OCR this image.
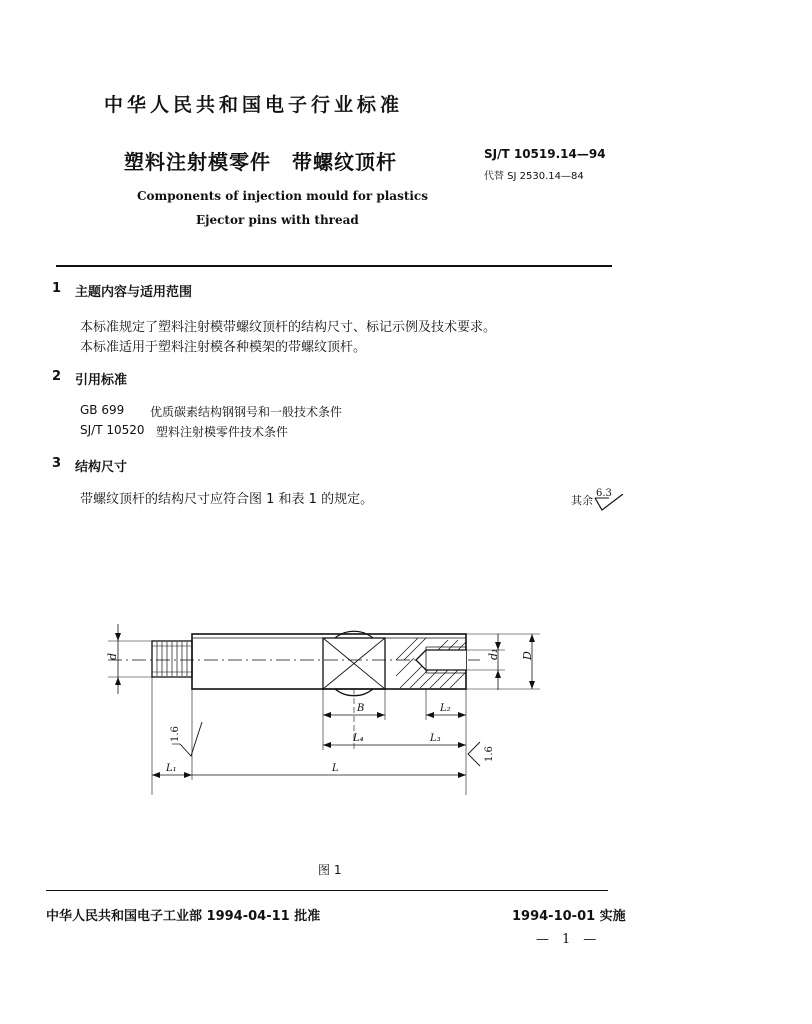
中华人民共和国电子行业标准
塑料注射模零件　带螺纹顶杆	SJ/T 10519.14—94
代替 SJ 2530.14—84
Components of injection mould for plastics
Ejector pins with thread
1 主题内容与适用范围
本标准规定了塑料注射模带螺纹顶杆的结构尺寸、标记示例及技术要求。
本标准适用于塑料注射模各种模架的带螺纹顶杆。
2 引用标准
GB 699 优质碳素结构钢钢号和一般技术条件
SJ/T 10520 塑料注射模零件技术条件
3 结构尺寸
带螺纹顶杆的结构尺寸应符合图 1 和表 1 的规定。	其余
6.3
d	d₁ D
B	L₂
L₄	L₃
L₁	L
1.6
1.6
图 1
中华人民共和国电子工业部 1994-04-11 批准	1994-10-01 实施
—　1　—
